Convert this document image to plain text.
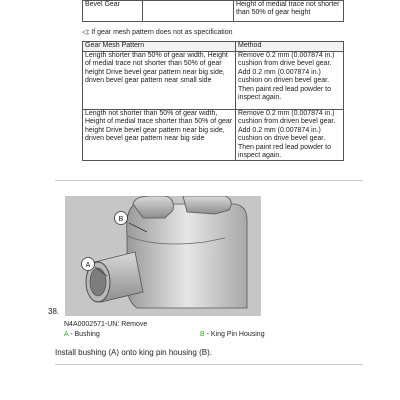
Bevel Gear		Height of medial trace not shorter than 50% of gear height
◁: If gear mesh pattern does not as specification
Gear Mesh Pattern	Method
Length shorter than 50% of gear width, Height of medial trace not shorter than 50% of gear height Drive bevel gear pattern near big side, driven bevel gear pattern near small side	Remove 0.2 mm (0.007874 in.) cushion from drive bevel gear. Add 0.2 mm (0.007874 in.) cushion on driven bevel gear. Then paint red lead powder to inspect again.
Length not shorter than 50% of gear width, Height of medial trace shorter than 50% of gear height Drive bevel gear pattern near big side, driven bevel gear pattern near big side	Remove 0.2 mm (0.007874 in.) cushion from driven bevel gear. Add 0.2 mm (0.007874 in.) cushion on drive bevel gear. Then paint red lead powder to inspect again.
B
A
38.
N4A0002571-UN: Remove
A - Bushing	B - King Pin Housing
Install bushing (A) onto king pin housing (B).
